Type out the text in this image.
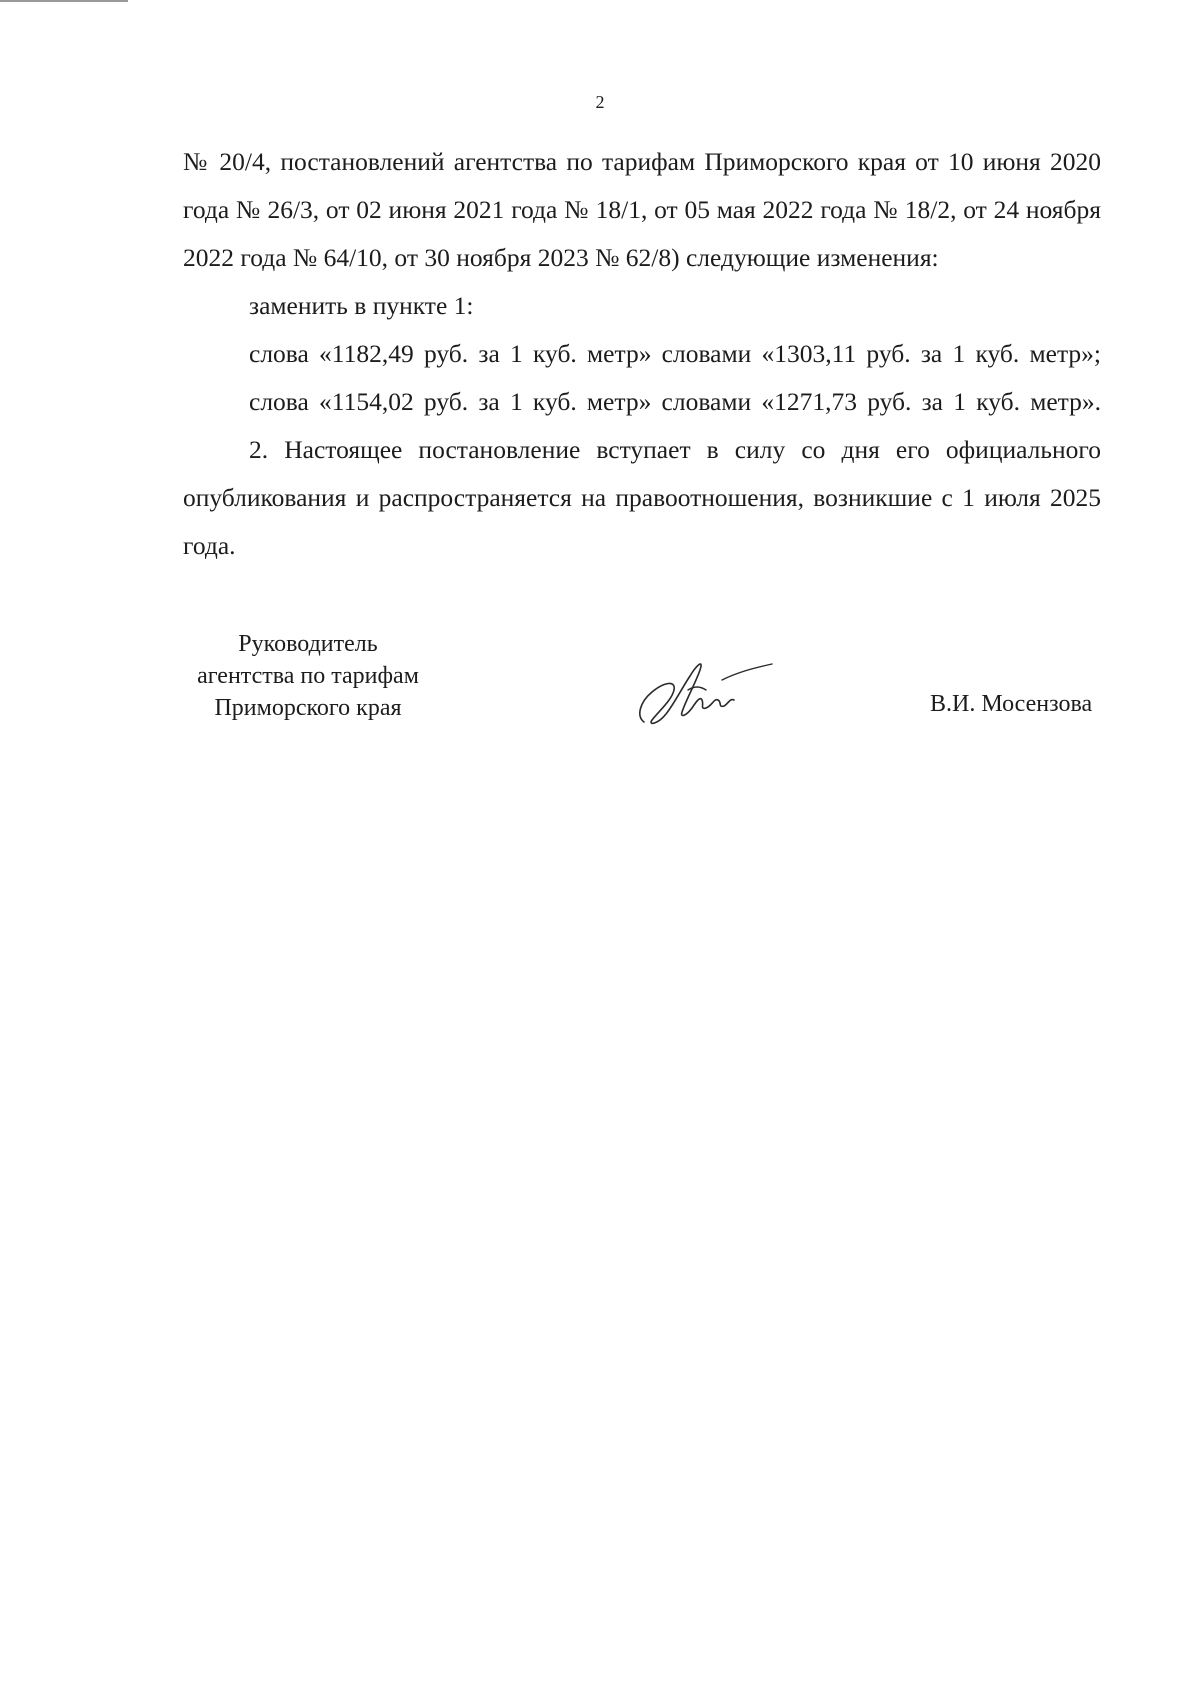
2

№ 20/4, постановлений агентства по тарифам Приморского края от 10 июня 2020 года № 26/3, от 02 июня 2021 года № 18/1, от 05 мая 2022 года № 18/2, от 24 ноября 2022 года № 64/10, от 30 ноября 2023 № 62/8) следующие изменения:

заменить в пункте 1:

слова «1182,49 руб. за 1 куб. метр» словами «1303,11 руб. за 1 куб. метр»;

слова «1154,02 руб. за 1 куб. метр» словами «1271,73 руб. за 1 куб. метр».

2. Настоящее постановление вступает в силу со дня его официального опубликования и распространяется на правоотношения, возникшие с 1 июля 2025 года.

Руководитель
агентства по тарифам
Приморского края	В.И. Мосензова
